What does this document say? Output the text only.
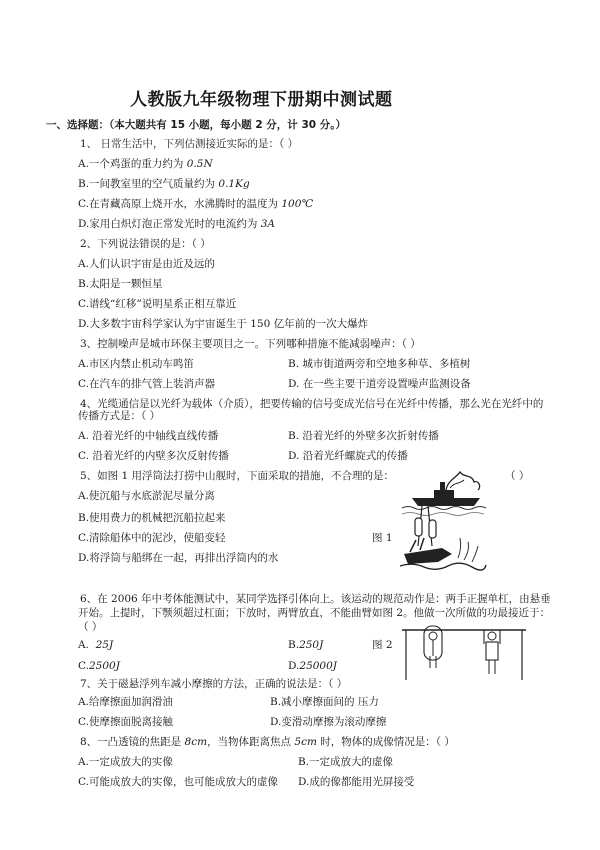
人教版九年级物理下册期中测试题
一、选择题：（本大题共有 15 小题，每小题 2 分，计 30 分。）
1、 日常生活中，下列估测接近实际的是：（ ）
A.一个鸡蛋的重力约为 0.5N
B.一间教室里的空气质量约为 0.1Kg
C.在青藏高原上烧开水，水沸腾时的温度为 100℃
D.家用白炽灯泡正常发光时的电流约为 3A
2、下列说法错误的是：（ ）
A.人们认识宇宙是由近及远的
B.太阳是一颗恒星
C.谱线“红移”说明星系正相互靠近
D.大多数宇宙科学家认为宇宙诞生于 150 亿年前的一次大爆炸
3、控制噪声是城市环保主要项目之一。下列哪种措施不能减弱噪声：（ ）
A.市区内禁止机动车鸣笛	B. 城市街道两旁和空地多种草、多植树
C.在汽车的排气管上装消声器	D. 在一些主要干道旁设置噪声监测设备
4、光缆通信是以光纤为载体（介质），把要传输的信号变成光信号在光纤中传播，那么光在光纤中的
传播方式是：（ ）
A. 沿着光纤的中轴线直线传播	B. 沿着光纤的外壁多次折射传播
C. 沿着光纤的内壁多次反射传播	D. 沿着光纤螺旋式的传播
5、如图 1 用浮筒法打捞中山舰时，下面采取的措施，不合理的是：	（ ）
A.使沉船与水底淤泥尽量分离
B.使用费力的机械把沉船拉起来
C.清除船体中的泥沙，使船变轻
D.将浮筒与船绑在一起，再排出浮筒内的水
图 1
6、在 2006 年中考体能测试中，某同学选择引体向上。该运动的规范动作是：两手正握单杠，由悬垂
开始。上提时，下颚须超过杠面；下放时，两臂放直，不能曲臂如图 2。他做一次所做的功最接近于：
（ ）
A. 25J	B.250J	图 2
C.2500J	D.25000J
7、关于磁悬浮列车减小摩擦的方法，正确的说法是：（ ）
A.给摩擦面加润滑油	B.减小摩擦面间的 压力
C.使摩擦面脱离接触	D.变滑动摩擦为滚动摩擦
8、一凸透镜的焦距是 8cm，当物体距离焦点 5cm 时，物体的成像情况是：（ ）
A.一定成放大的实像	B.一定成放大的虚像
C.可能成放大的实像，也可能成放大的虚像 D.成的像都能用光屏接受
